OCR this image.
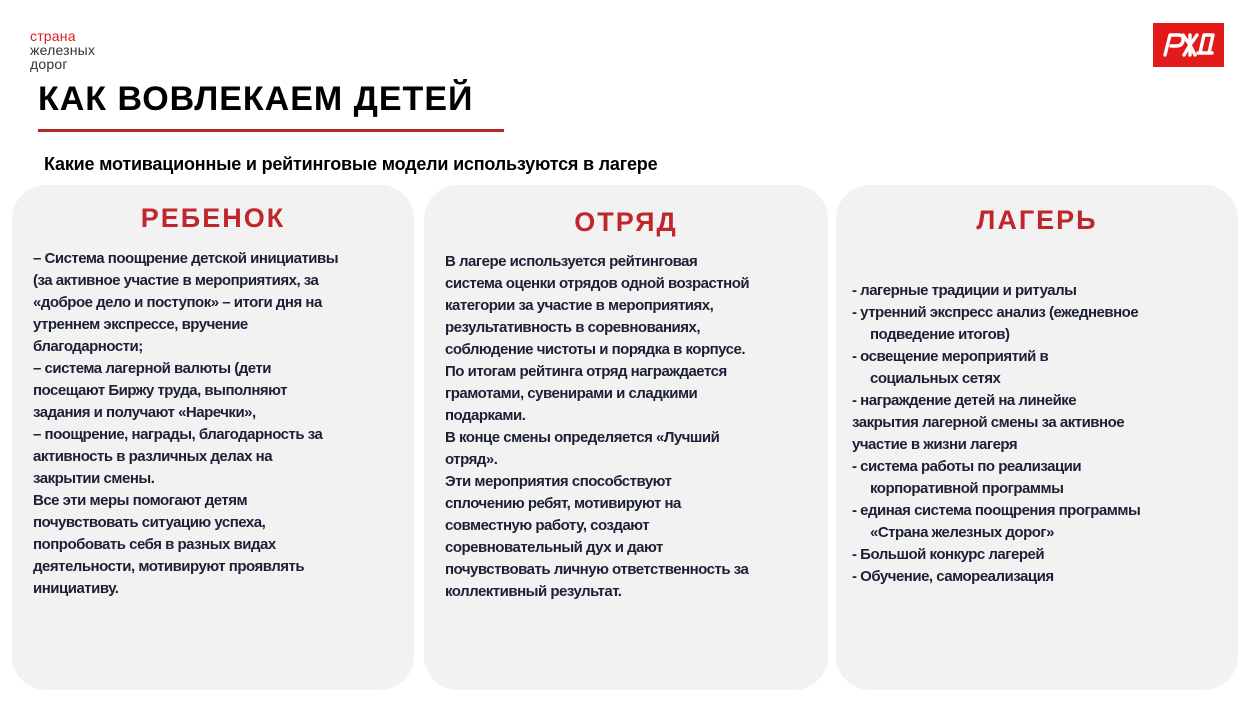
страна
железных
дорог
КАК ВОВЛЕКАЕМ ДЕТЕЙ

Какие мотивационные и рейтинговые модели используются в лагере

РЕБЕНОК
– Система поощрение детской инициативы
(за активное участие в мероприятиях, за
«доброе дело и поступок» – итоги дня на
утреннем экспрессе, вручение
благодарности;
– система лагерной валюты (дети
посещают Биржу труда, выполняют
задания и получают «Наречки»,
– поощрение, награды, благодарность за
активность в различных делах на
закрытии смены.
Все эти меры помогают детям
почувствовать ситуацию успеха,
попробовать себя в разных видах
деятельности, мотивируют проявлять
инициативу.
ОТРЯД
В лагере используется рейтинговая
система оценки отрядов одной возрастной
категории за участие в мероприятиях,
результативность в соревнованиях,
соблюдение чистоты и порядка в корпусе.
По итогам рейтинга отряд награждается
грамотами, сувенирами и сладкими
подарками.
В конце смены определяется «Лучший
отряд».
Эти мероприятия способствуют
сплочению ребят, мотивируют на
совместную работу, создают
соревновательный дух и дают
почувствовать личную ответственность за
коллективный результат.
ЛАГЕРЬ
- лагерные традиции и ритуалы
- утренний экспресс анализ (ежедневное
подведение итогов)
- освещение мероприятий в
социальных сетях
- награждение детей на линейке
закрытия лагерной смены за активное
участие в жизни лагеря
- система работы по реализации
корпоративной программы
- единая система поощрения программы
«Страна железных дорог»
- Большой конкурс лагерей
- Обучение, самореализация
